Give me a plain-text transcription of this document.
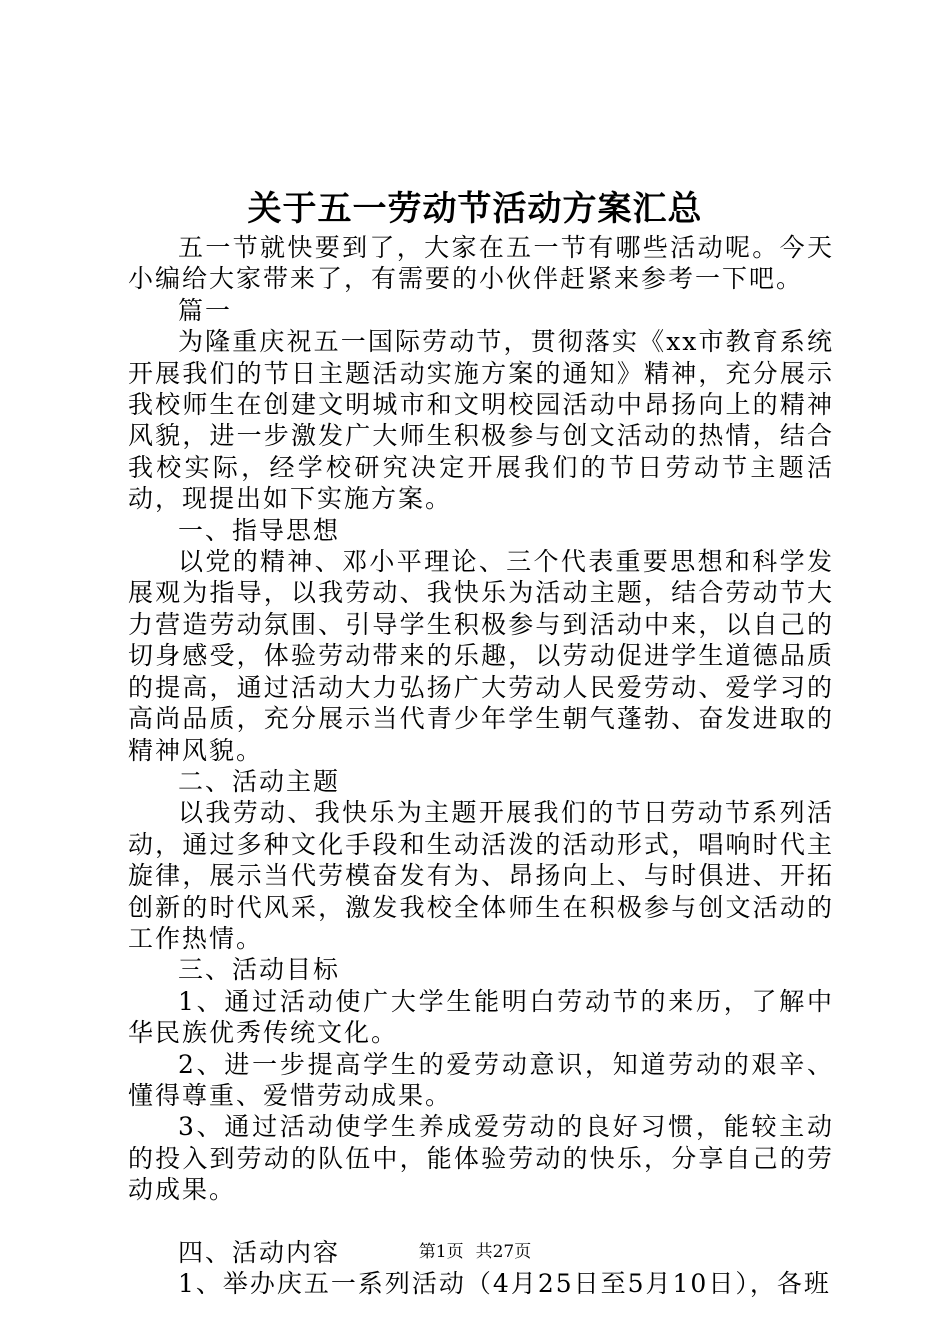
关于五一劳动节活动方案汇总

五一节就快要到了，大家在五一节有哪些活动呢。今天小编给大家带来了，有需要的小伙伴赶紧来参考一下吧。

篇一

为隆重庆祝五一国际劳动节，贯彻落实《xx市教育系统开展我们的节日主题活动实施方案的通知》精神，充分展示我校师生在创建文明城市和文明校园活动中昂扬向上的精神风貌，进一步激发广大师生积极参与创文活动的热情，结合我校实际，经学校研究决定开展我们的节日劳动节主题活动，现提出如下实施方案。

一、指导思想

以党的精神、邓小平理论、三个代表重要思想和科学发展观为指导，以我劳动、我快乐为活动主题，结合劳动节大力营造劳动氛围、引导学生积极参与到活动中来，以自己的切身感受，体验劳动带来的乐趣，以劳动促进学生道德品质的提高，通过活动大力弘扬广大劳动人民爱劳动、爱学习的高尚品质，充分展示当代青少年学生朝气蓬勃、奋发进取的精神风貌。

二、活动主题

以我劳动、我快乐为主题开展我们的节日劳动节系列活动，通过多种文化手段和生动活泼的活动形式，唱响时代主旋律，展示当代劳模奋发有为、昂扬向上、与时俱进、开拓创新的时代风采，激发我校全体师生在积极参与创文活动的工作热情。

三、活动目标

1、通过活动使广大学生能明白劳动节的来历，了解中华民族优秀传统文化。

2、进一步提高学生的爱劳动意识，知道劳动的艰辛、懂得尊重、爱惜劳动成果。

3、通过活动使学生养成爱劳动的良好习惯，能较主动的投入到劳动的队伍中，能体验劳动的快乐，分享自己的劳动成果。

四、活动内容

1、举办庆五一系列活动（4月25日至5月10日），各班

第1页 共27页
